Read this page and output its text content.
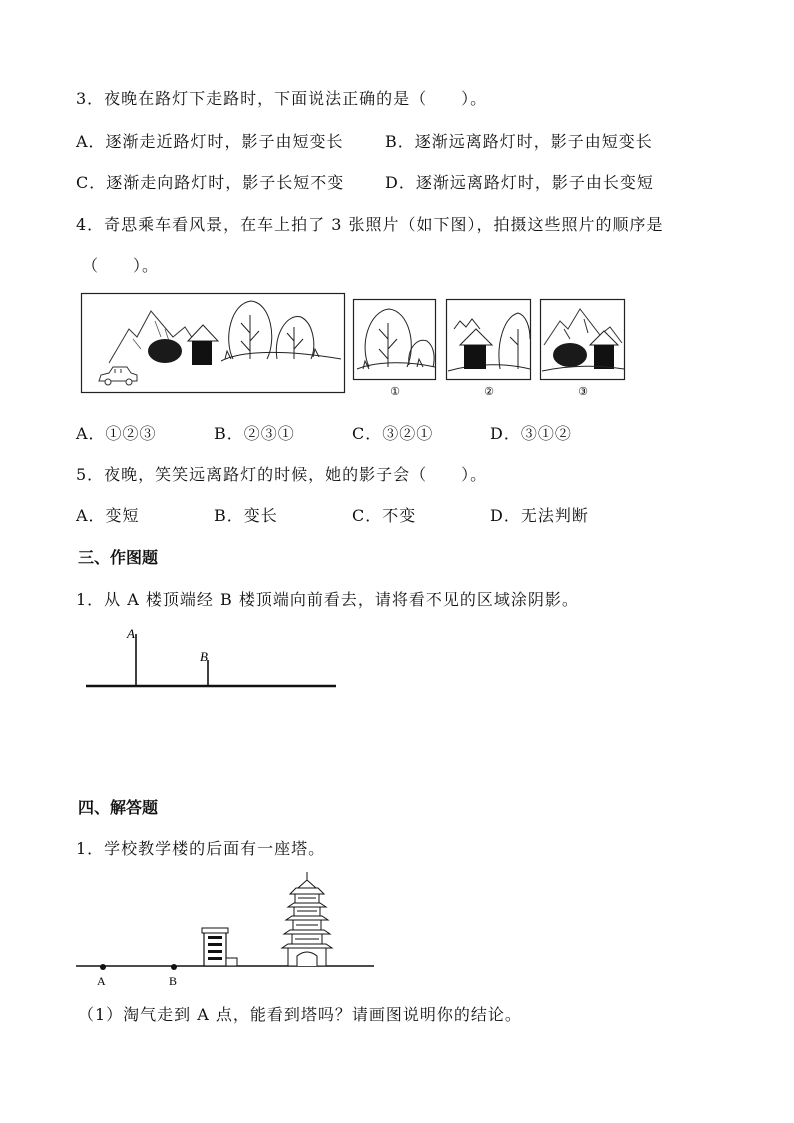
3．夜晚在路灯下走路时，下面说法正确的是（　　）。
A．逐渐走近路灯时，影子由短变长	B．逐渐远离路灯时，影子由短变长
C．逐渐走向路灯时，影子长短不变	D．逐渐远离路灯时，影子由长变短
4．奇思乘车看风景，在车上拍了 3 张照片（如下图），拍摄这些照片的顺序是
（　　）。
①	②	③
A．①②③	B．②③①	C．③②①	D．③①②
5．夜晚，笑笑远离路灯的时候，她的影子会（　　）。
A．变短	B．变长	C．不变	D．无法判断
三、作图题
1．从 A 楼顶端经 B 楼顶端向前看去，请将看不见的区域涂阴影。
A
B
四、解答题
1．学校教学楼的后面有一座塔。
A	B
（1）淘气走到 A 点，能看到塔吗？请画图说明你的结论。
